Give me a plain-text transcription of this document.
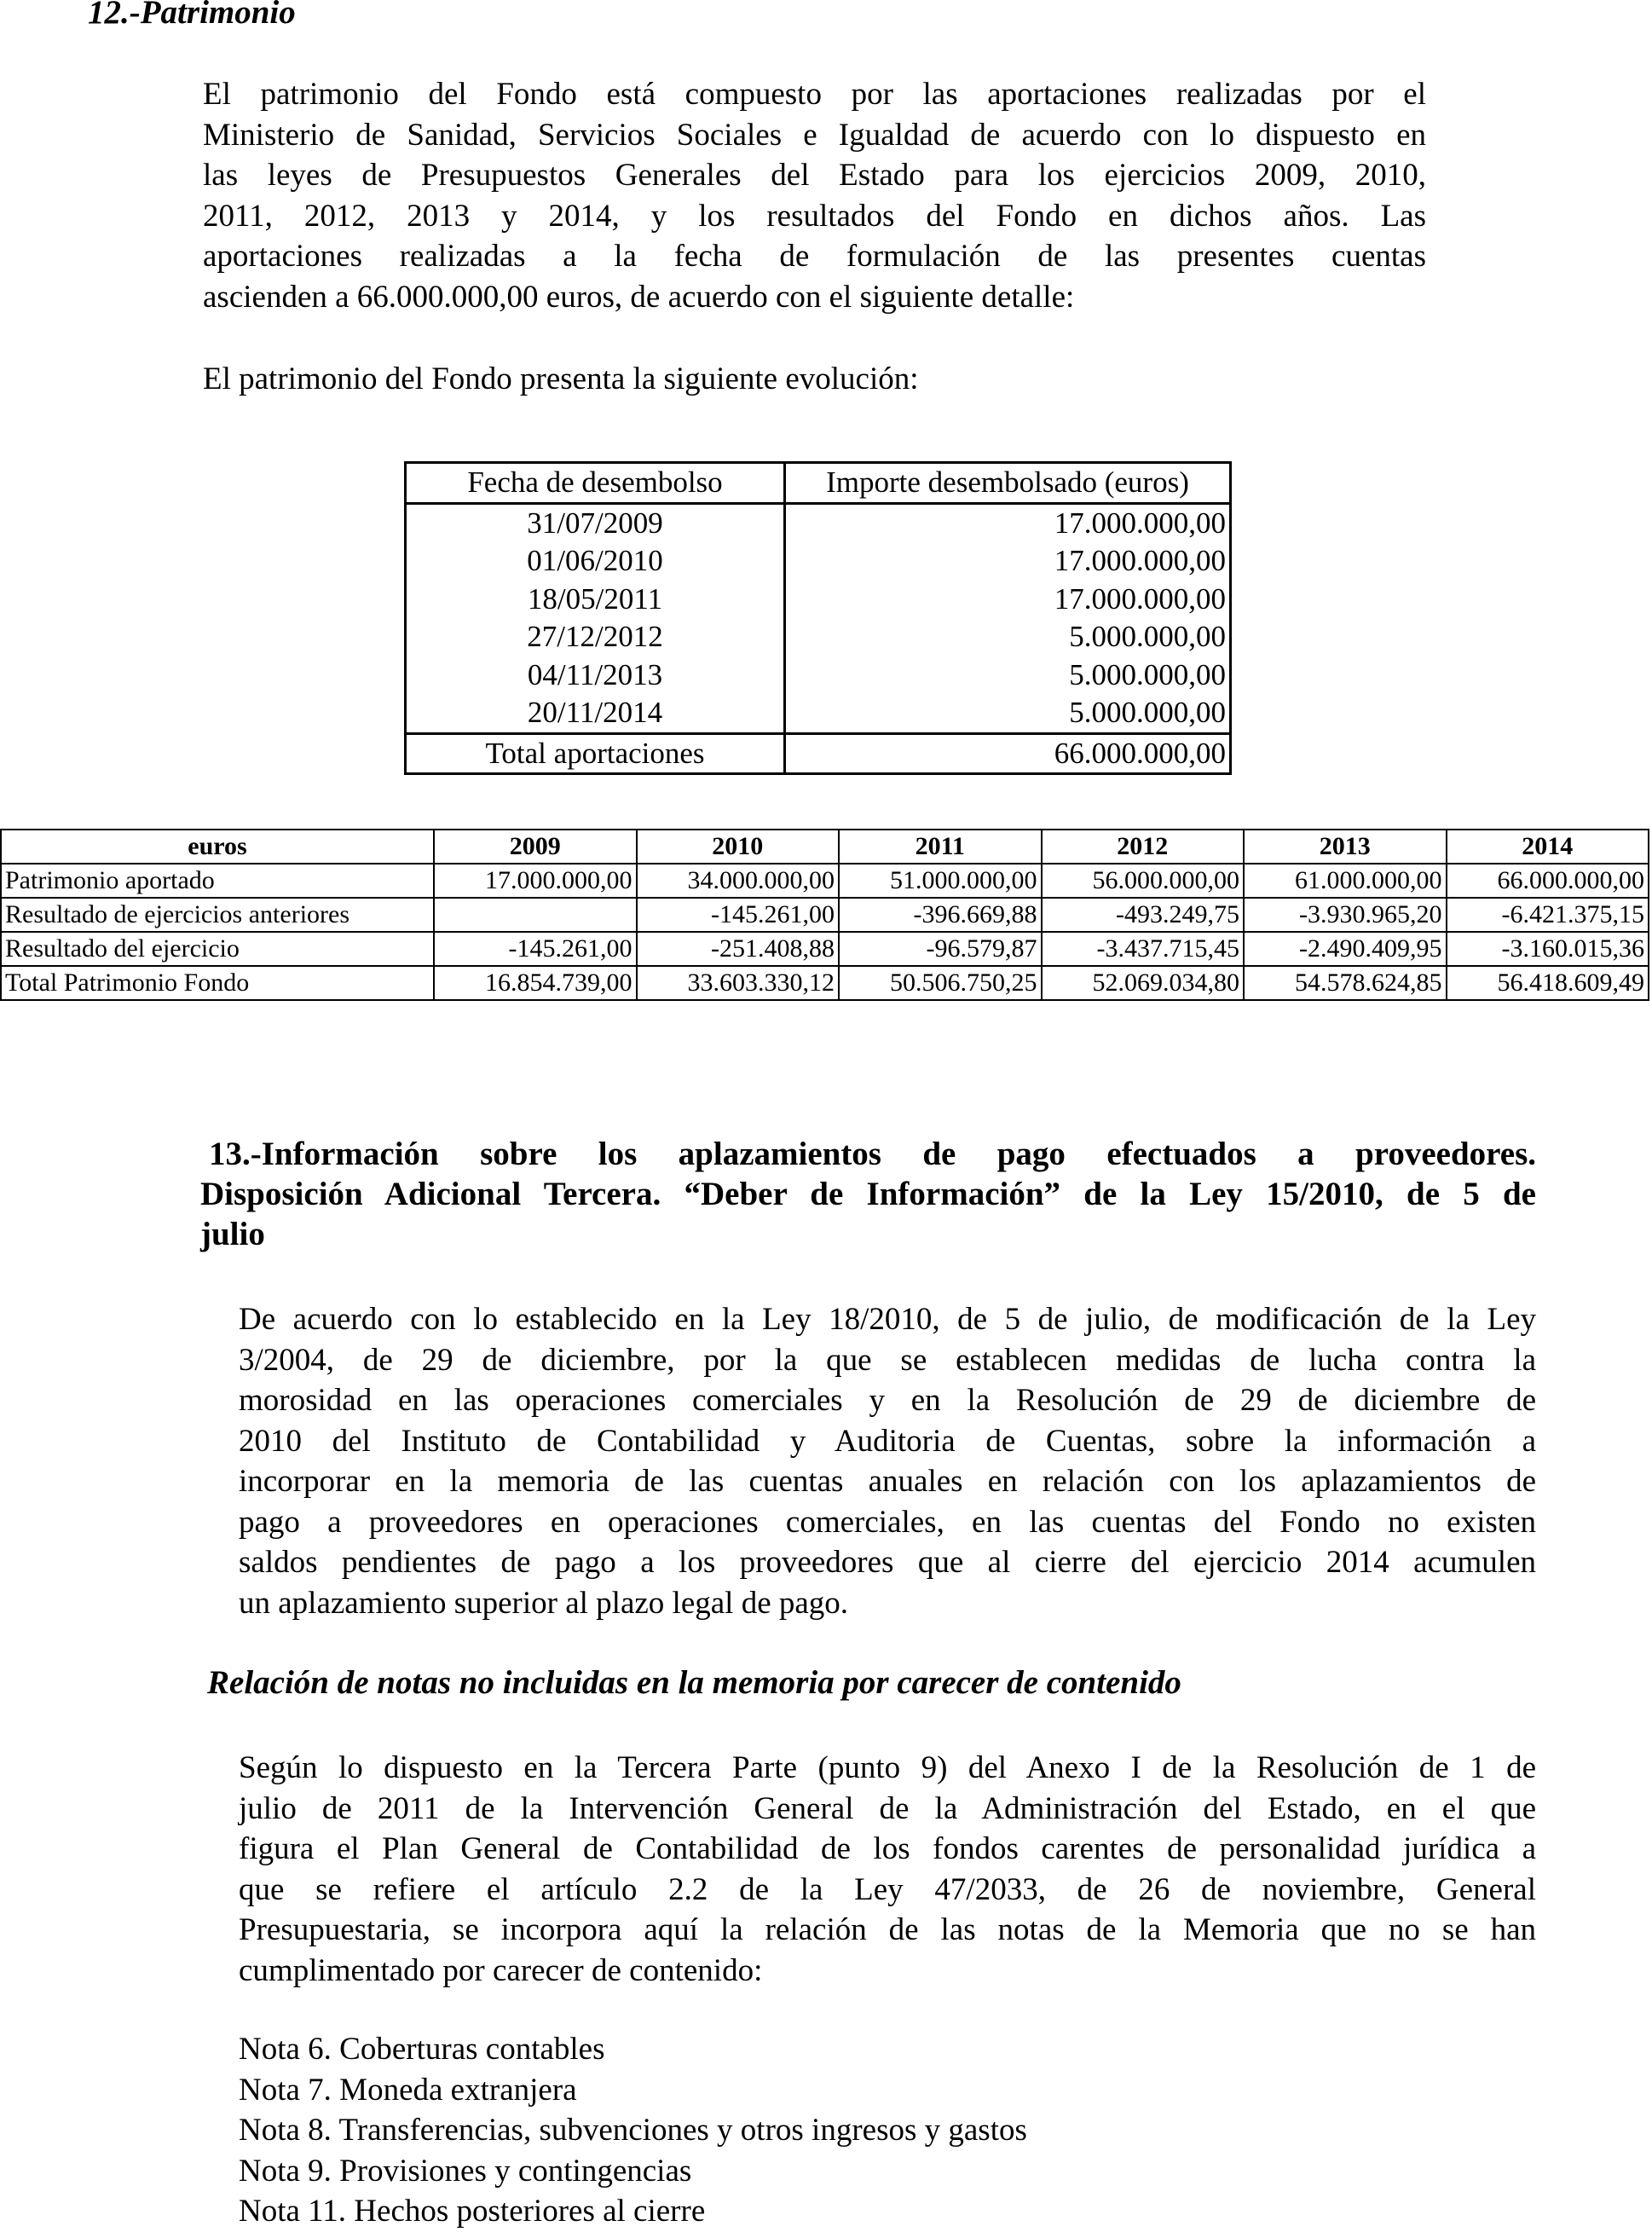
12.-Patrimonio
El patrimonio del Fondo está compuesto por las aportaciones realizadas por el
Ministerio de Sanidad, Servicios Sociales e Igualdad de acuerdo con lo dispuesto en
las leyes de Presupuestos Generales del Estado para los ejercicios 2009, 2010,
2011, 2012, 2013 y 2014, y los resultados del Fondo en dichos años. Las
aportaciones realizadas a la fecha de formulación de las presentes cuentas
ascienden a 66.000.000,00 euros, de acuerdo con el siguiente detalle:
El patrimonio del Fondo presenta la siguiente evolución:
Fecha de desembolso	Importe desembolsado (euros)
31/07/2009	17.000.000,00
01/06/2010	17.000.000,00
18/05/2011	17.000.000,00
27/12/2012	5.000.000,00
04/11/2013	5.000.000,00
20/11/2014	5.000.000,00
Total aportaciones	66.000.000,00
euros	2009	2010	2011	2012	2013	2014
Patrimonio aportado	17.000.000,00	34.000.000,00	51.000.000,00	56.000.000,00	61.000.000,00	66.000.000,00
Resultado de ejercicios anteriores		-145.261,00	-396.669,88	-493.249,75	-3.930.965,20	-6.421.375,15
Resultado del ejercicio	-145.261,00	-251.408,88	-96.579,87	-3.437.715,45	-2.490.409,95	-3.160.015,36
Total Patrimonio Fondo	16.854.739,00	33.603.330,12	50.506.750,25	52.069.034,80	54.578.624,85	56.418.609,49
13.-Información sobre los aplazamientos de pago efectuados a proveedores.
Disposición Adicional Tercera. “Deber de Información” de la Ley 15/2010, de 5 de
julio
De acuerdo con lo establecido en la Ley 18/2010, de 5 de julio, de modificación de la Ley
3/2004, de 29 de diciembre, por la que se establecen medidas de lucha contra la
morosidad en las operaciones comerciales y en la Resolución de 29 de diciembre de
2010 del Instituto de Contabilidad y Auditoria de Cuentas, sobre la información a
incorporar en la memoria de las cuentas anuales en relación con los aplazamientos de
pago a proveedores en operaciones comerciales, en las cuentas del Fondo no existen
saldos pendientes de pago a los proveedores que al cierre del ejercicio 2014 acumulen
un aplazamiento superior al plazo legal de pago.
Relación de notas no incluidas en la memoria por carecer de contenido
Según lo dispuesto en la Tercera Parte (punto 9) del Anexo I de la Resolución de 1 de
julio de 2011 de la Intervención General de la Administración del Estado, en el que
figura el Plan General de Contabilidad de los fondos carentes de personalidad jurídica a
que se refiere el artículo 2.2 de la Ley 47/2033, de 26 de noviembre, General
Presupuestaria, se incorpora aquí la relación de las notas de la Memoria que no se han
cumplimentado por carecer de contenido:
Nota 6. Coberturas contables
Nota 7. Moneda extranjera
Nota 8. Transferencias, subvenciones y otros ingresos y gastos
Nota 9. Provisiones y contingencias
Nota 11. Hechos posteriores al cierre
